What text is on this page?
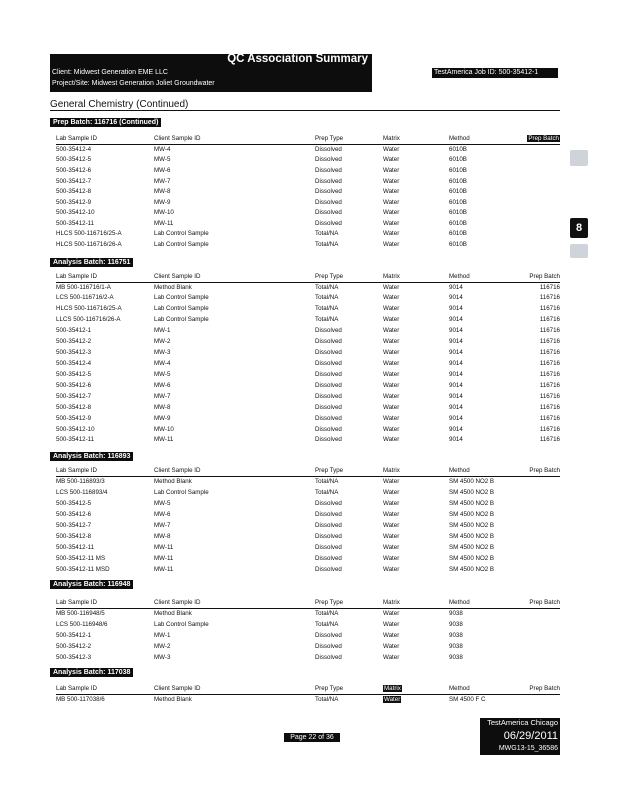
QC Association Summary
Client: Midwest Generation EME LLC
Project/Site: Midwest Generation Joliet Groundwater
TestAmerica Job ID: 500-35412-1
General Chemistry (Continued)
8
Prep Batch: 116716 (Continued)
Lab Sample ID	Client Sample ID	Prep Type	Matrix	Method	Prep Batch
500-35412-4	MW-4	Dissolved	Water	6010B
500-35412-5	MW-5	Dissolved	Water	6010B
500-35412-6	MW-6	Dissolved	Water	6010B
500-35412-7	MW-7	Dissolved	Water	6010B
500-35412-8	MW-8	Dissolved	Water	6010B
500-35412-9	MW-9	Dissolved	Water	6010B
500-35412-10	MW-10	Dissolved	Water	6010B
500-35412-11	MW-11	Dissolved	Water	6010B
HLCS 500-116716/25-A	Lab Control Sample	Total/NA	Water	6010B
HLCS 500-116716/26-A	Lab Control Sample	Total/NA	Water	6010B
Analysis Batch: 116751
Lab Sample ID	Client Sample ID	Prep Type	Matrix	Method	Prep Batch
MB 500-116716/1-A	Method Blank	Total/NA	Water	9014	116716
LCS 500-116716/2-A	Lab Control Sample	Total/NA	Water	9014	116716
HLCS 500-116716/25-A	Lab Control Sample	Total/NA	Water	9014	116716
LLCS 500-116716/26-A	Lab Control Sample	Total/NA	Water	9014	116716
500-35412-1	MW-1	Dissolved	Water	9014	116716
500-35412-2	MW-2	Dissolved	Water	9014	116716
500-35412-3	MW-3	Dissolved	Water	9014	116716
500-35412-4	MW-4	Dissolved	Water	9014	116716
500-35412-5	MW-5	Dissolved	Water	9014	116716
500-35412-6	MW-6	Dissolved	Water	9014	116716
500-35412-7	MW-7	Dissolved	Water	9014	116716
500-35412-8	MW-8	Dissolved	Water	9014	116716
500-35412-9	MW-9	Dissolved	Water	9014	116716
500-35412-10	MW-10	Dissolved	Water	9014	116716
500-35412-11	MW-11	Dissolved	Water	9014	116716
Analysis Batch: 116893
Lab Sample ID	Client Sample ID	Prep Type	Matrix	Method	Prep Batch
MB 500-116893/3	Method Blank	Total/NA	Water	SM 4500 NO2 B
LCS 500-116893/4	Lab Control Sample	Total/NA	Water	SM 4500 NO2 B
500-35412-5	MW-5	Dissolved	Water	SM 4500 NO2 B
500-35412-6	MW-6	Dissolved	Water	SM 4500 NO2 B
500-35412-7	MW-7	Dissolved	Water	SM 4500 NO2 B
500-35412-8	MW-8	Dissolved	Water	SM 4500 NO2 B
500-35412-11	MW-11	Dissolved	Water	SM 4500 NO2 B
500-35412-11 MS	MW-11	Dissolved	Water	SM 4500 NO2 B
500-35412-11 MSD	MW-11	Dissolved	Water	SM 4500 NO2 B
Analysis Batch: 116948
Lab Sample ID	Client Sample ID	Prep Type	Matrix	Method	Prep Batch
MB 500-116948/5	Method Blank	Total/NA	Water	9038
LCS 500-116948/6	Lab Control Sample	Total/NA	Water	9038
500-35412-1	MW-1	Dissolved	Water	9038
500-35412-2	MW-2	Dissolved	Water	9038
500-35412-3	MW-3	Dissolved	Water	9038
Analysis Batch: 117038
Lab Sample ID	Client Sample ID	Prep Type	Matrix	Method	Prep Batch
MB 500-117038/6	Method Blank	Total/NA	Water	SM 4500 F C
Page 22 of 36
TestAmerica Chicago
06/29/2011
MWG13-15_36586
